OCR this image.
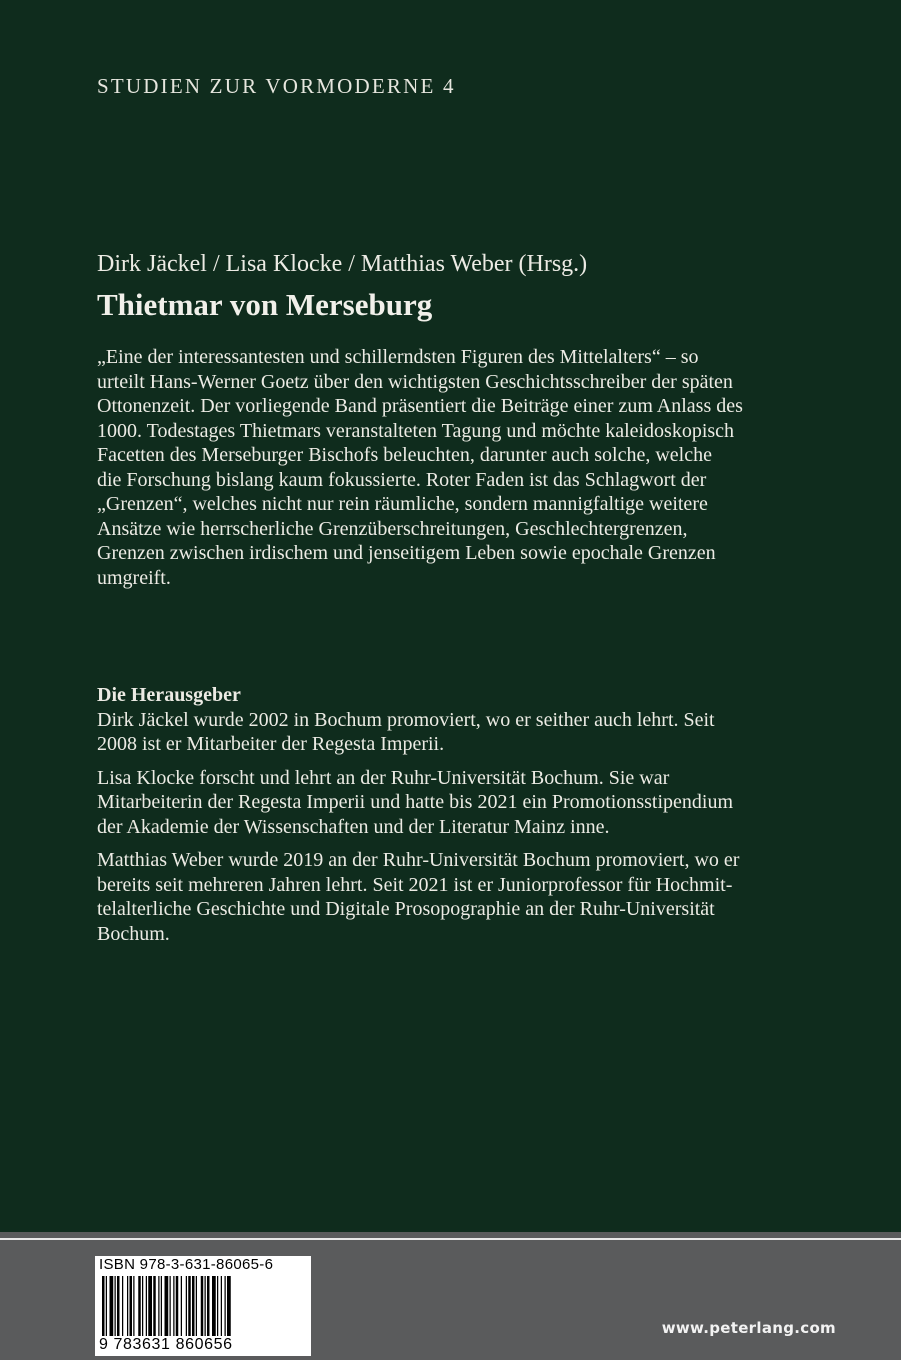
STUDIEN ZUR VORMODERNE 4
Dirk Jäckel / Lisa Klocke / Matthias Weber (Hrsg.)
Thietmar von Merseburg

„Eine der interessantesten und schillerndsten Figuren des Mittelalters“ – so
urteilt Hans-Werner Goetz über den wichtigsten Geschichtsschreiber der späten
Ottonenzeit. Der vorliegende Band präsentiert die Beiträge einer zum Anlass des
1000. Todestages Thietmars veranstalteten Tagung und möchte kaleidoskopisch
Facetten des Merseburger Bischofs beleuchten, darunter auch solche, welche
die Forschung bislang kaum fokussierte. Roter Faden ist das Schlagwort der
„Grenzen“, welches nicht nur rein räumliche, sondern mannigfaltige weitere
Ansätze wie herrscherliche Grenzüberschreitungen, Geschlechtergrenzen,
Grenzen zwischen irdischem und jenseitigem Leben sowie epochale Grenzen
umgreift.

Die Herausgeber

Dirk Jäckel wurde 2002 in Bochum promoviert, wo er seither auch lehrt. Seit
2008 ist er Mitarbeiter der Regesta Imperii.

Lisa Klocke forscht und lehrt an der Ruhr-Universität Bochum. Sie war
Mitarbeiterin der Regesta Imperii und hatte bis 2021 ein Promotionsstipendium
der Akademie der Wissenschaften und der Literatur Mainz inne.

Matthias Weber wurde 2019 an der Ruhr-Universität Bochum promoviert, wo er
bereits seit mehreren Jahren lehrt. Seit 2021 ist er Juniorprofessor für Hochmit-
telalterliche Geschichte und Digitale Prosopographie an der Ruhr-Universität
Bochum.

ISBN 978-3-631-86065-6
9 783631 860656
www.peterlang.com
